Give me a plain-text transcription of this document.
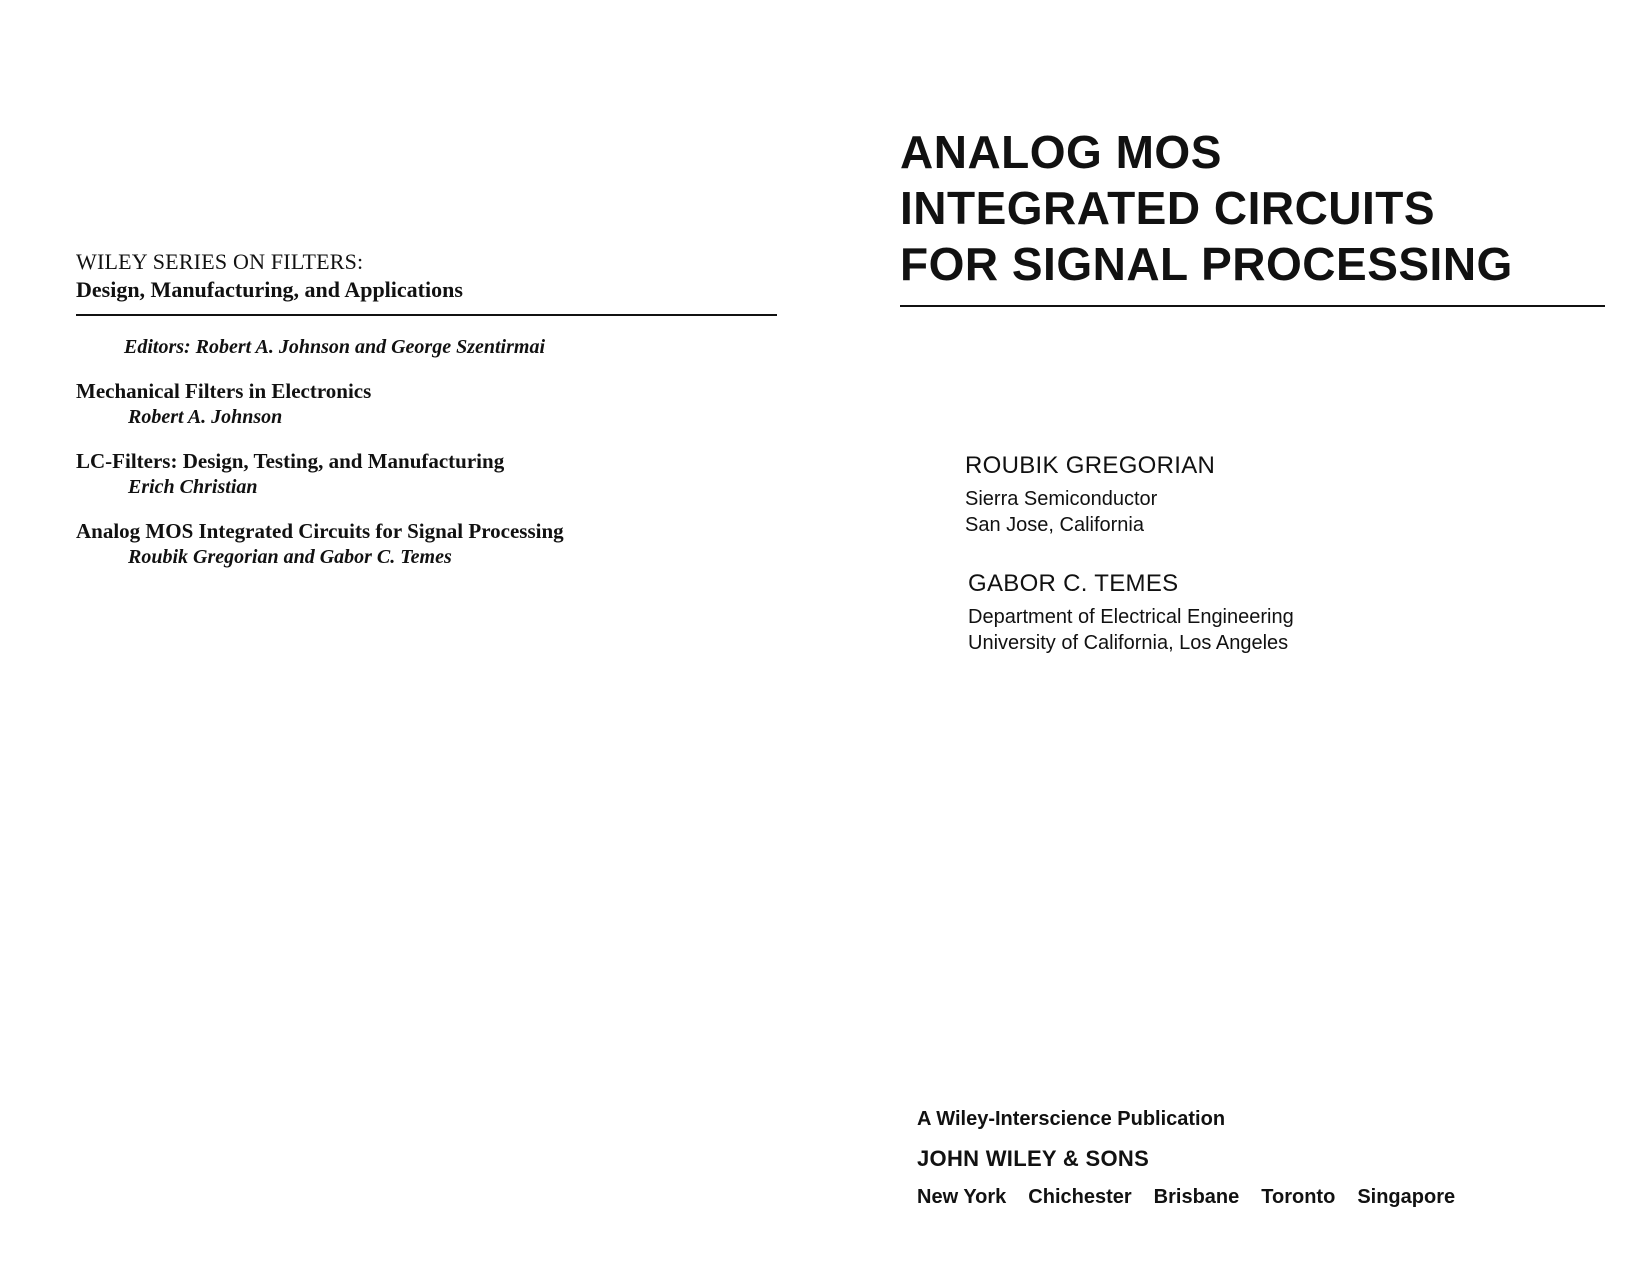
WILEY SERIES ON FILTERS:
Design, Manufacturing, and Applications
Editors: Robert A. Johnson and George Szentirmai
Mechanical Filters in Electronics
Robert A. Johnson
LC-Filters: Design, Testing, and Manufacturing
Erich Christian
Analog MOS Integrated Circuits for Signal Processing
Roubik Gregorian and Gabor C. Temes
ANALOG MOS
INTEGRATED CIRCUITS
FOR SIGNAL PROCESSING
ROUBIK GREGORIAN
Sierra Semiconductor
San Jose, California
GABOR C. TEMES
Department of Electrical Engineering
University of California, Los Angeles
A Wiley-Interscience Publication
JOHN WILEY & SONS
New York Chichester Brisbane Toronto Singapore
